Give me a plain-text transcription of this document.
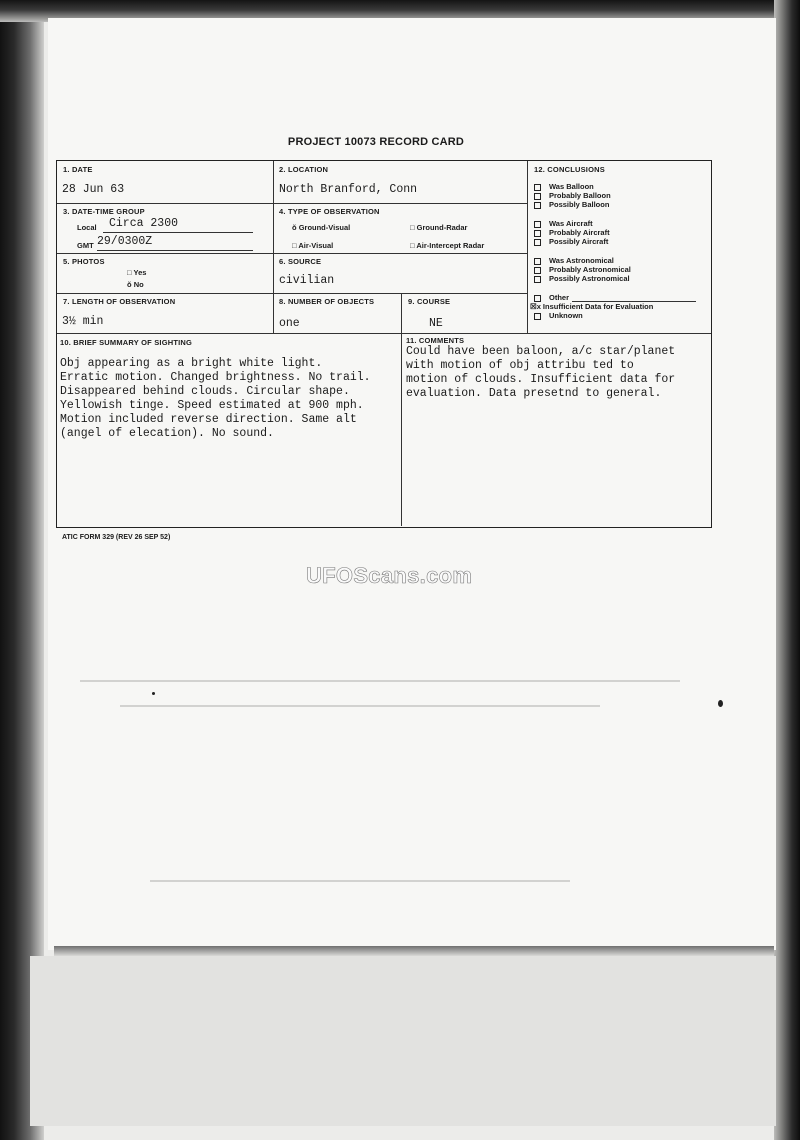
PROJECT 10073 RECORD CARD
1. DATE
28 Jun 63
2. LOCATION
North Branford, Conn
3. DATE-TIME GROUP
Local Circa 2300
GMT 29/0300Z
4. TYPE OF OBSERVATION
ŏ Ground-Visual	□ Ground-Radar
□ Air-Visual	□ Air-Intercept Radar
5. PHOTOS
□ Yes
ŏ No
6. SOURCE
civilian
7. LENGTH OF OBSERVATION
3½ min
8. NUMBER OF OBJECTS
one
9. COURSE
NE
12. CONCLUSIONS
Was Balloon
Probably Balloon
Possibly Balloon
Was Aircraft
Probably Aircraft
Possibly Aircraft
Was Astronomical
Probably Astronomical
Possibly Astronomical
Other
☒x Insufficient Data for Evaluation
Unknown
10. BRIEF SUMMARY OF SIGHTING
Obj appearing as a bright white light.
Erratic motion. Changed brightness. No trail.
Disappeared behind clouds. Circular shape.
Yellowish tinge. Speed estimated at 900 mph.
Motion included reverse direction. Same alt
(angel of elecation). No sound.
11. COMMENTS
Could have been baloon, a/c star/planet
with motion of obj attribu ted to
motion of clouds. Insufficient data for
evaluation. Data presetnd to general.
ATIC FORM 329 (REV 26 SEP 52)
UFOScans.com
